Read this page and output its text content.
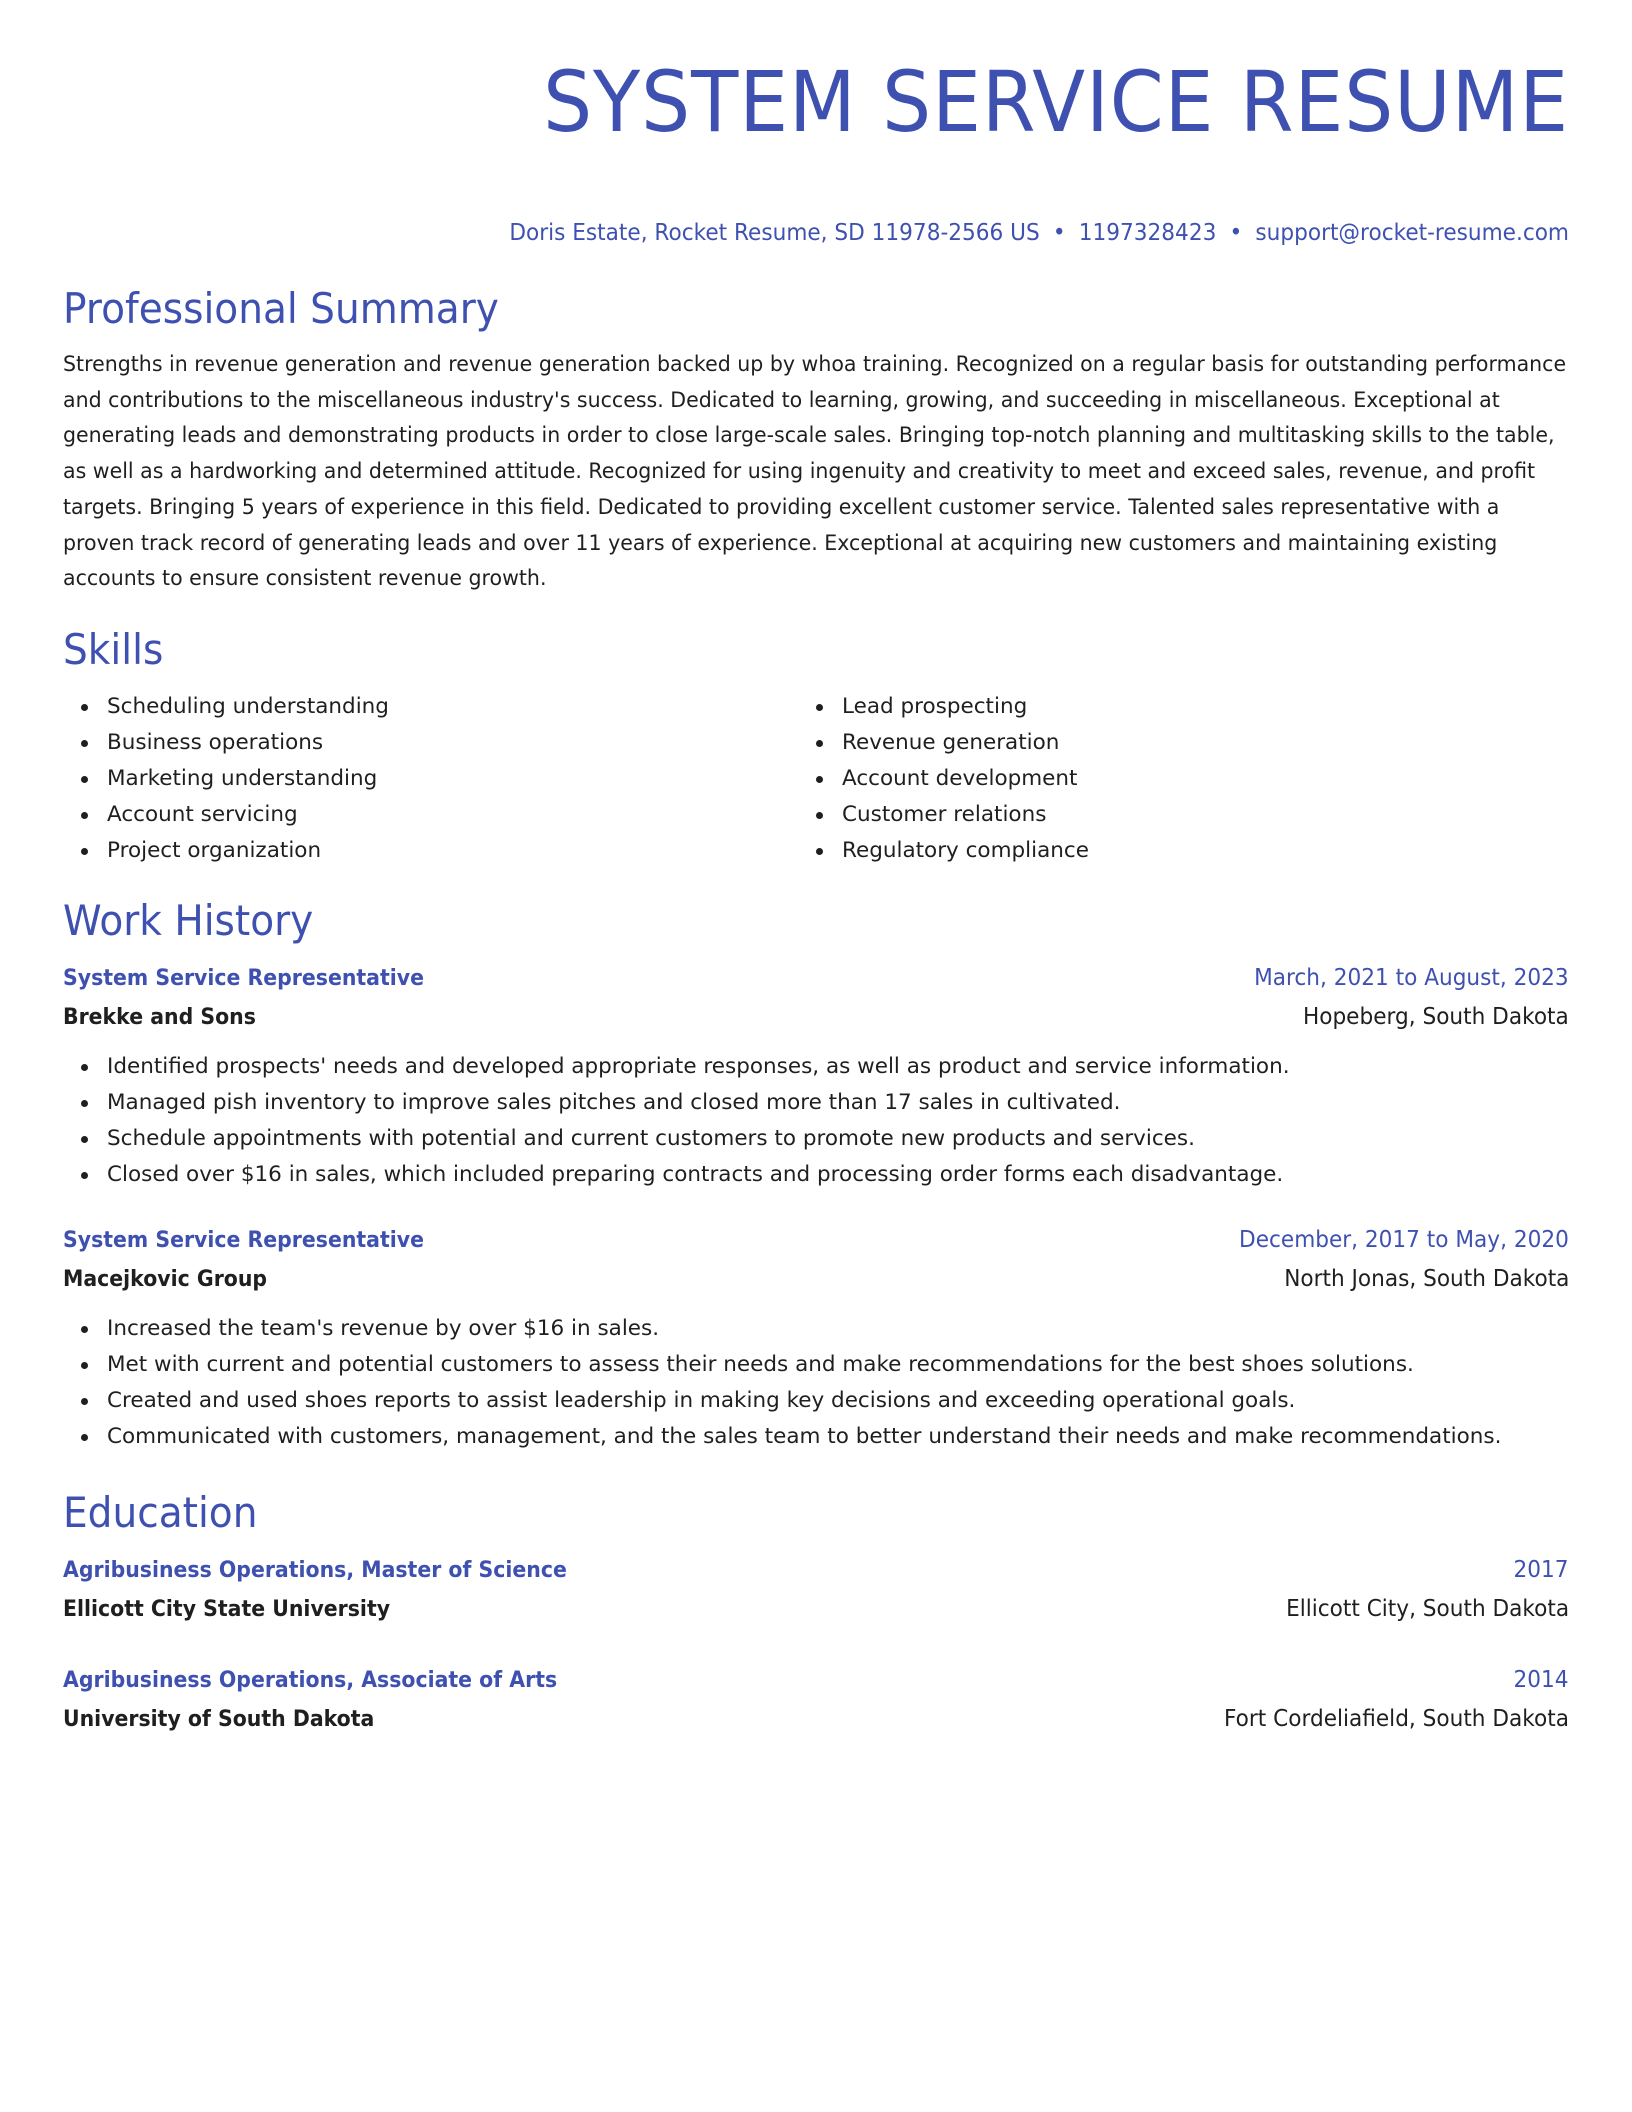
SYSTEM SERVICE RESUME
Doris Estate, Rocket Resume, SD 11978-2566 US • 1197328423 • support@rocket-resume.com
Professional Summary
Strengths in revenue generation and revenue generation backed up by whoa training. Recognized on a regular basis for outstanding performance and contributions to the miscellaneous industry's success. Dedicated to learning, growing, and succeeding in miscellaneous. Exceptional at generating leads and demonstrating products in order to close large-scale sales. Bringing top-notch planning and multitasking skills to the table, as well as a hardworking and determined attitude. Recognized for using ingenuity and creativity to meet and exceed sales, revenue, and profit targets. Bringing 5 years of experience in this field. Dedicated to providing excellent customer service. Talented sales representative with a proven track record of generating leads and over 11 years of experience. Exceptional at acquiring new customers and maintaining existing accounts to ensure consistent revenue growth.
Skills
Scheduling understanding
Business operations
Marketing understanding
Account servicing
Project organization
Lead prospecting
Revenue generation
Account development
Customer relations
Regulatory compliance
Work History
System Service Representative	March, 2021 to August, 2023
Brekke and Sons	Hopeberg, South Dakota
Identified prospects' needs and developed appropriate responses, as well as product and service information.
Managed pish inventory to improve sales pitches and closed more than 17 sales in cultivated.
Schedule appointments with potential and current customers to promote new products and services.
Closed over $16 in sales, which included preparing contracts and processing order forms each disadvantage.
System Service Representative	December, 2017 to May, 2020
Macejkovic Group	North Jonas, South Dakota
Increased the team's revenue by over $16 in sales.
Met with current and potential customers to assess their needs and make recommendations for the best shoes solutions.
Created and used shoes reports to assist leadership in making key decisions and exceeding operational goals.
Communicated with customers, management, and the sales team to better understand their needs and make recommendations.
Education
Agribusiness Operations, Master of Science	2017
Ellicott City State University	Ellicott City, South Dakota
Agribusiness Operations, Associate of Arts	2014
University of South Dakota	Fort Cordeliafield, South Dakota
